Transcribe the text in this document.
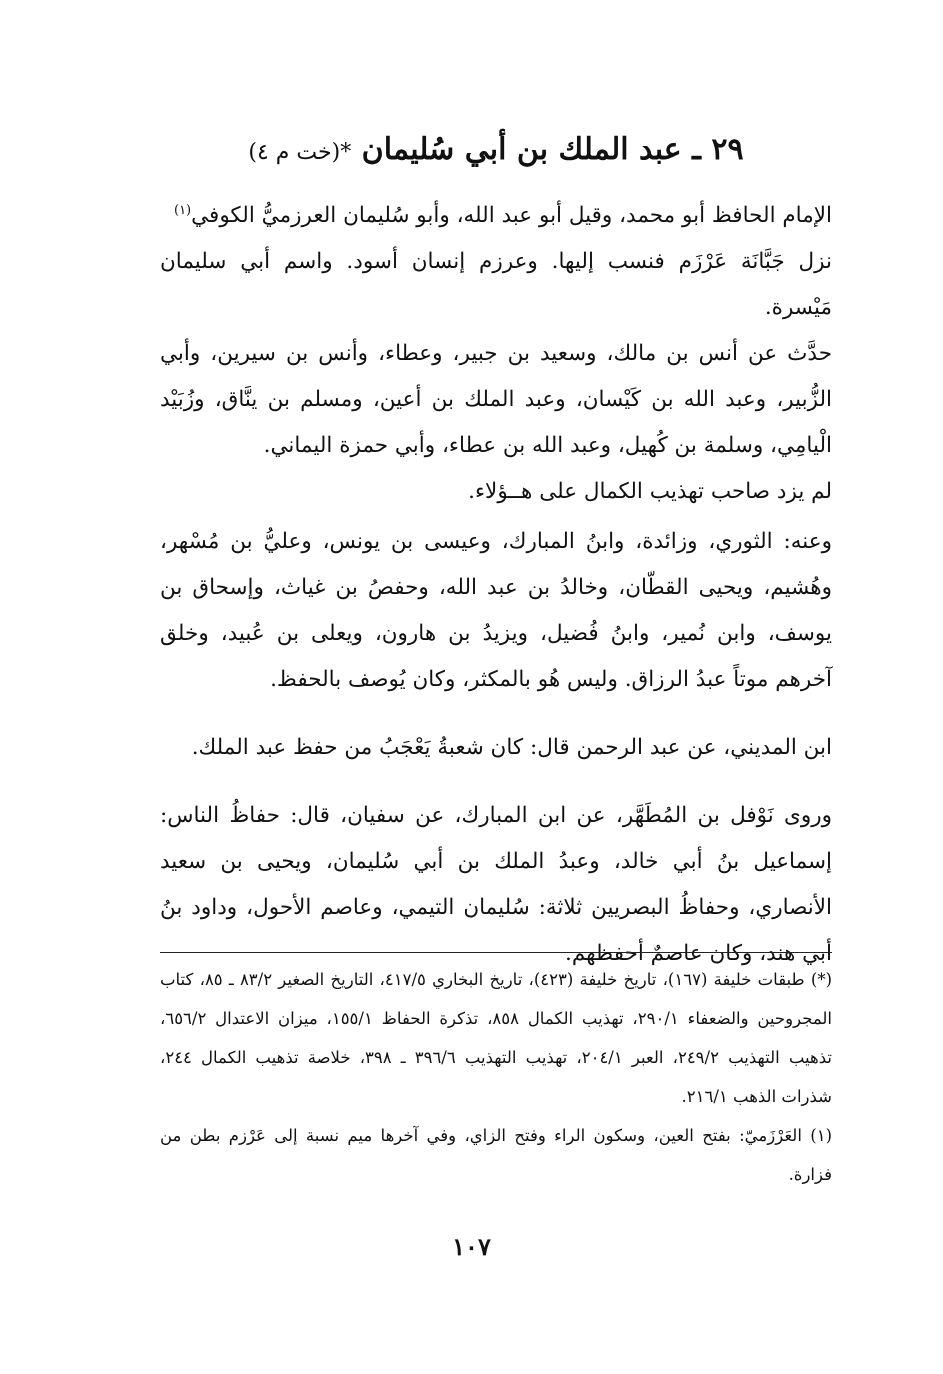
٢٩ ـ عبد الملك بن أبي سُليمان *(خت م ٤)

الإمام الحافظ أبو محمد، وقيل أبو عبد الله، وأبو سُليمان العرزميُّ الكوفي$^{(١)}$

نزل جَبَّانَة عَرْزَم فنسب إليها. وعرزم إنسان أسود. واسم أبي سليمان مَيْسرة.

حدَّث عن أنس بن مالك، وسعيد بن جبير، وعطاء، وأنس بن سيرين، وأبي الزُّبير، وعبد الله بن كَيْسان، وعبد الملك بن أعين، ومسلم بن ينَّاق، وزُبَيْد الْيامِي، وسلمة بن كُهيل، وعبد الله بن عطاء، وأبي حمزة اليماني.

لم يزد صاحب تهذيب الكمال على هــؤلاء.

وعنه: الثوري، وزائدة، وابنُ المبارك، وعيسى بن يونس، وعليُّ بن مُسْهر، وهُشيم، ويحيى القطّان، وخالدُ بن عبد الله، وحفصُ بن غياث، وإسحاق بن يوسف، وابن نُمير، وابنُ فُضيل، ويزيدُ بن هارون، ويعلى بن عُبيد، وخلق آخرهم موتاً عبدُ الرزاق. وليس هُو بالمكثر، وكان يُوصف بالحفظ.

ابن المديني، عن عبد الرحمن قال: كان شعبةُ يَعْجَبُ من حفظ عبد الملك.

وروى نَوْفل بن المُطَهَّر، عن ابن المبارك، عن سفيان، قال: حفاظُ الناس: إسماعيل بنُ أبي خالد، وعبدُ الملك بن أبي سُليمان، ويحيى بن سعيد الأنصاري، وحفاظُ البصريين ثلاثة: سُليمان التيمي، وعاصم الأحول، وداود بنُ أبي هند، وكان عاصمٌ أحفظهم.

(*) طبقات خليفة (١٦٧)، تاريخ خليفة (٤٢٣)، تاريخ البخاري ٤١٧/٥، التاريخ الصغير ٨٣/٢ ـ ٨٥، كتاب المجروحين والضعفاء ٢٩٠/١، تهذيب الكمال ٨٥٨، تذكرة الحفاظ ١٥٥/١، ميزان الاعتدال ٦٥٦/٢، تذهيب التهذيب ٢٤٩/٢، العبر ٢٠٤/١، تهذيب التهذيب ٣٩٦/٦ ـ ٣٩٨، خلاصة تذهيب الكمال ٢٤٤، شذرات الذهب ٢١٦/١.

(١) العَرْزَميّ: بفتح العين، وسكون الراء وفتح الزاي، وفي آخرها ميم نسبة إلى عَرْزم بطن من فزارة.

١٠٧
